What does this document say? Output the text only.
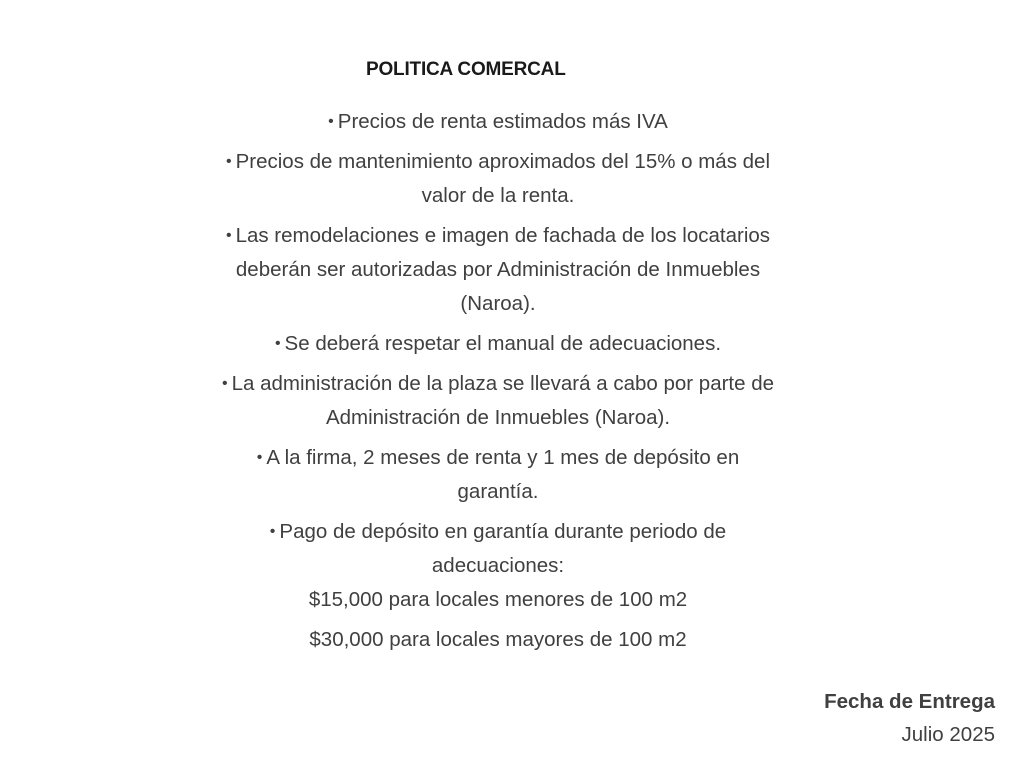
POLITICA COMERCAL
• Precios de renta estimados más IVA
• Precios de mantenimiento aproximados del 15% o más del valor de la renta.
• Las remodelaciones e imagen de fachada de los locatarios deberán ser autorizadas por Administración de Inmuebles (Naroa).
• Se deberá respetar el manual de adecuaciones.
• La administración de la plaza se llevará a cabo por parte de Administración de Inmuebles (Naroa).
• A la firma, 2 meses de renta y 1 mes de depósito en garantía.
• Pago de depósito en garantía durante periodo de adecuaciones:
$15,000 para locales menores de 100 m2
$30,000 para locales mayores de 100 m2
Fecha de Entrega
Julio 2025
